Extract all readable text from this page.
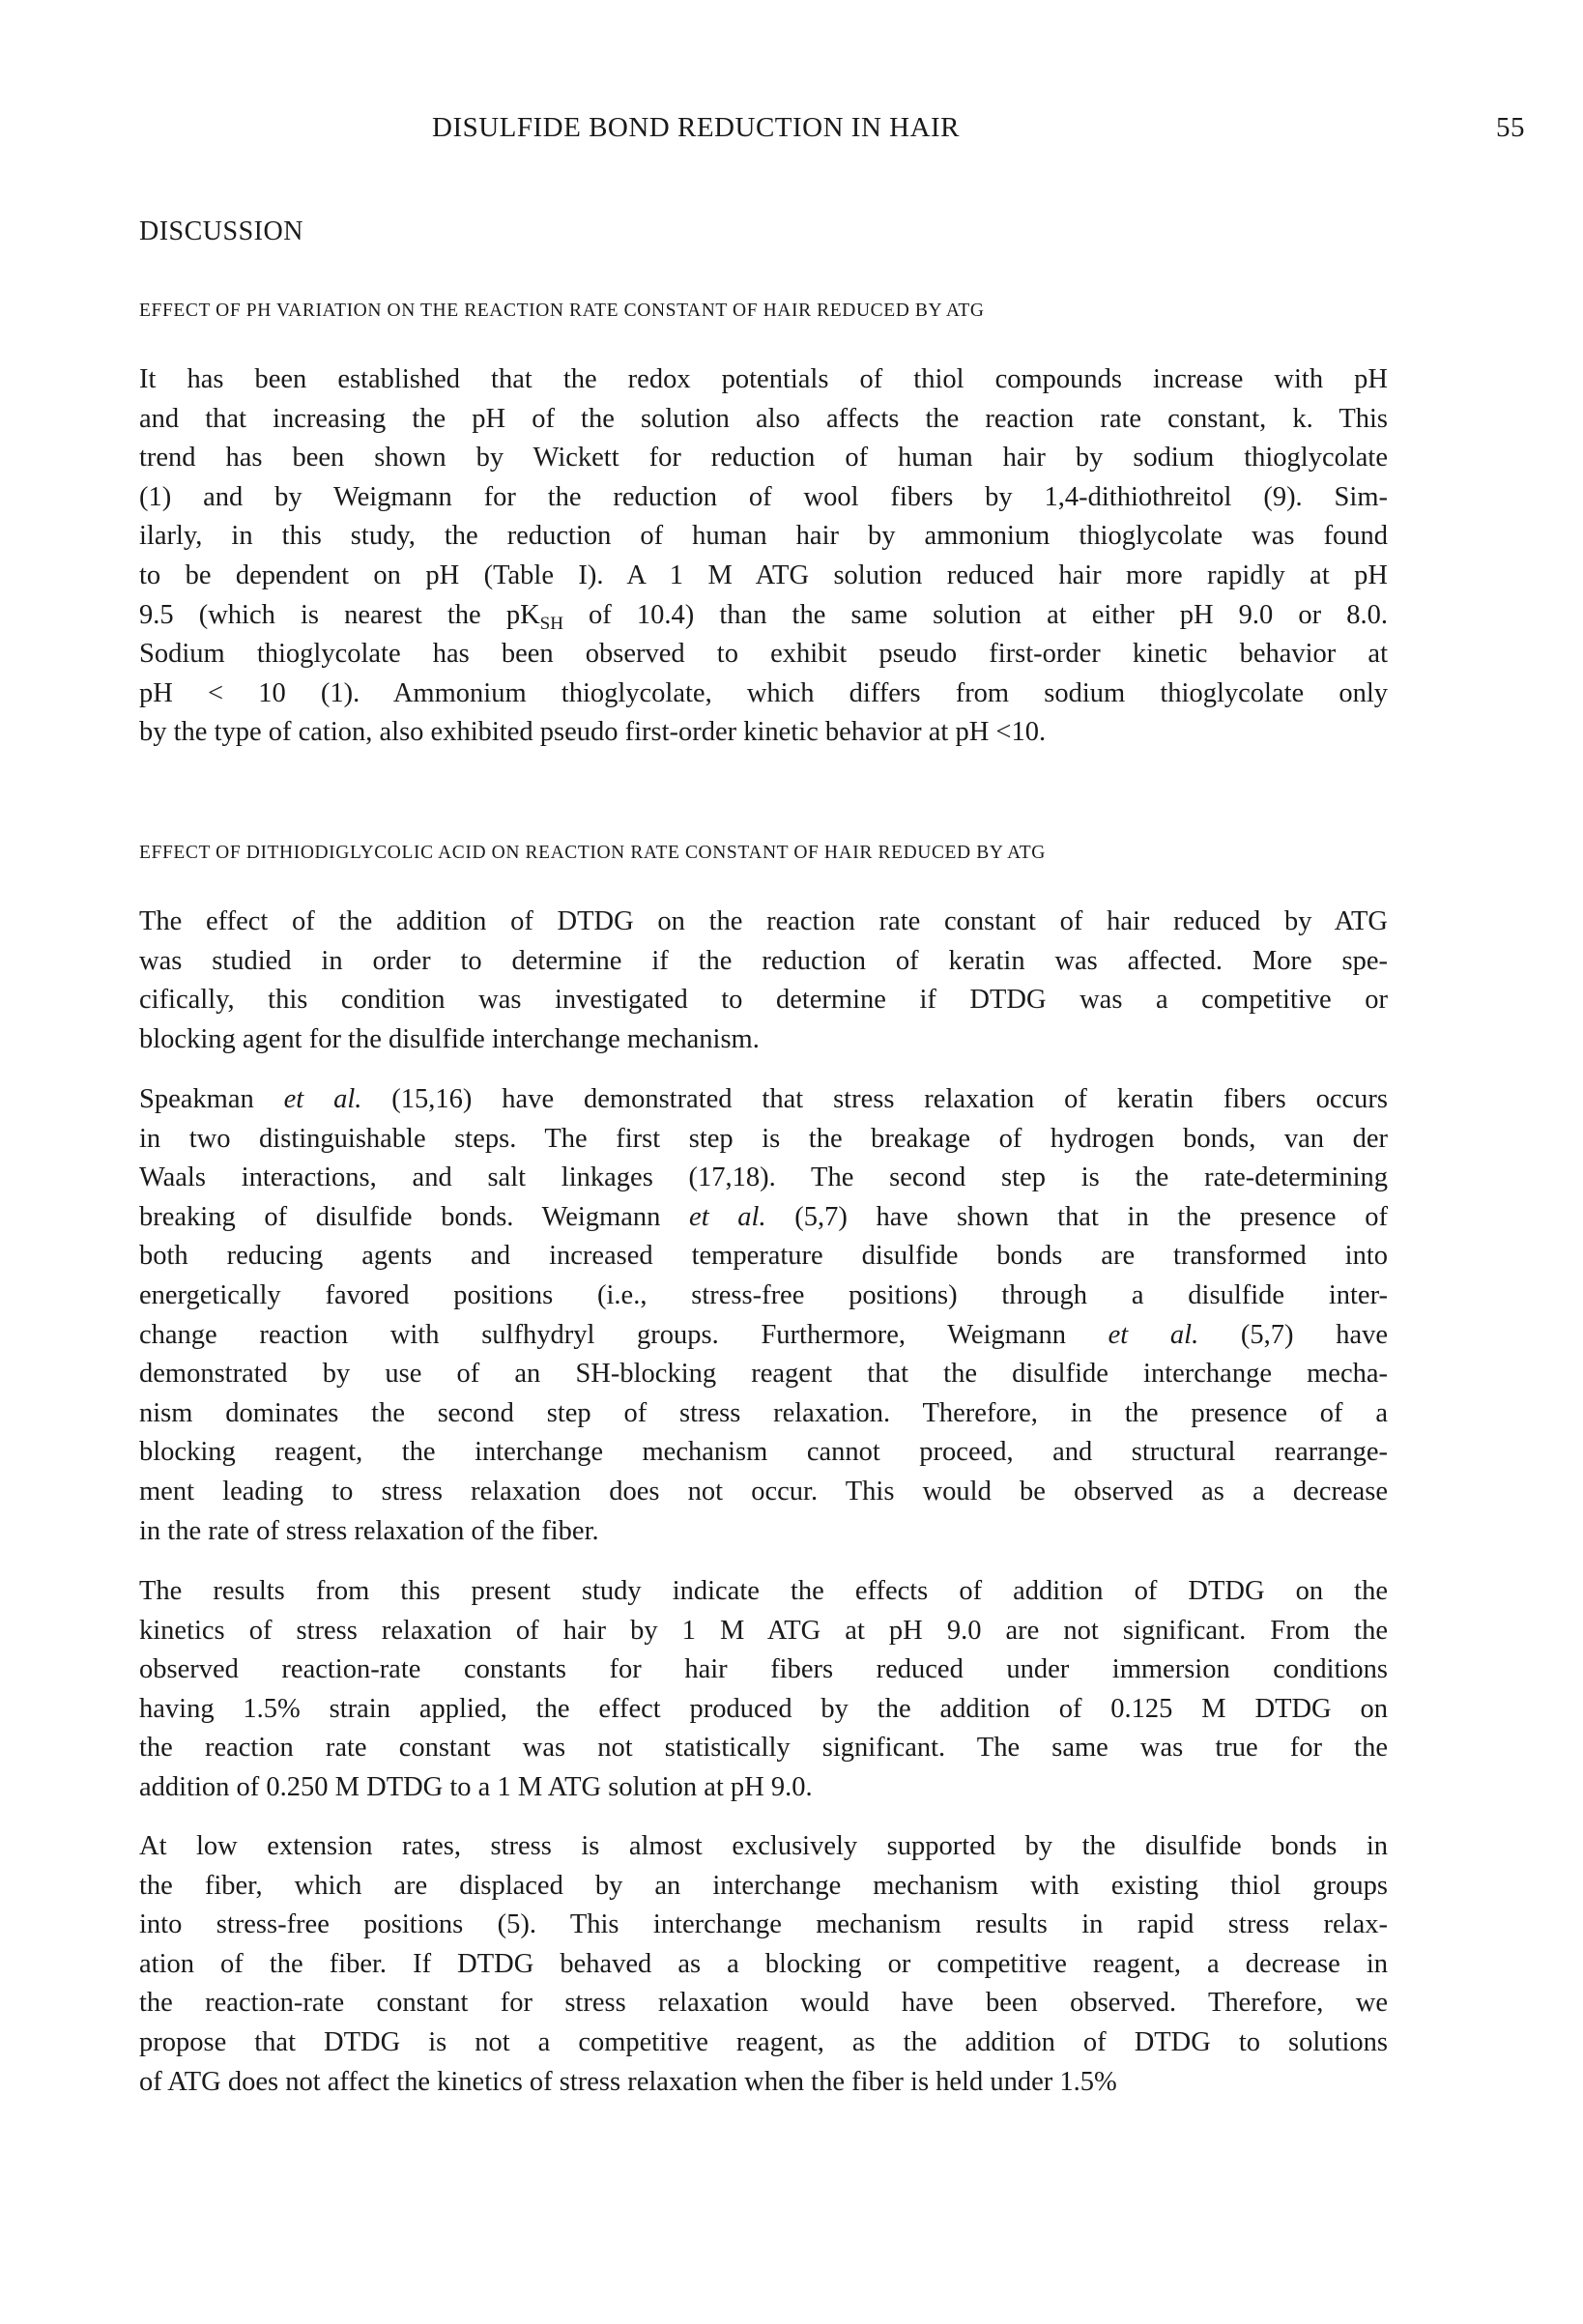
DISULFIDE BOND REDUCTION IN HAIR	55
DISCUSSION
EFFECT OF PH VARIATION ON THE REACTION RATE CONSTANT OF HAIR REDUCED BY ATG
It has been established that the redox potentials of thiol compounds increase with pH
and that increasing the pH of the solution also affects the reaction rate constant, k. This
trend has been shown by Wickett for reduction of human hair by sodium thioglycolate
(1) and by Weigmann for the reduction of wool fibers by 1,4-dithiothreitol (9). Sim-
ilarly, in this study, the reduction of human hair by ammonium thioglycolate was found
to be dependent on pH (Table I). A 1 M ATG solution reduced hair more rapidly at pH
9.5 (which is nearest the $pK_{SH}$ of 10.4) than the same solution at either pH 9.0 or 8.0.
Sodium thioglycolate has been observed to exhibit pseudo first-order kinetic behavior at
pH < 10 (1). Ammonium thioglycolate, which differs from sodium thioglycolate only
by the type of cation, also exhibited pseudo first-order kinetic behavior at pH <10.
EFFECT OF DITHIODIGLYCOLIC ACID ON REACTION RATE CONSTANT OF HAIR REDUCED BY ATG
The effect of the addition of DTDG on the reaction rate constant of hair reduced by ATG
was studied in order to determine if the reduction of keratin was affected. More spe-
cifically, this condition was investigated to determine if DTDG was a competitive or
blocking agent for the disulfide interchange mechanism.
Speakman et al. (15,16) have demonstrated that stress relaxation of keratin fibers occurs
in two distinguishable steps. The first step is the breakage of hydrogen bonds, van der
Waals interactions, and salt linkages (17,18). The second step is the rate-determining
breaking of disulfide bonds. Weigmann et al. (5,7) have shown that in the presence of
both reducing agents and increased temperature disulfide bonds are transformed into
energetically favored positions (i.e., stress-free positions) through a disulfide inter-
change reaction with sulfhydryl groups. Furthermore, Weigmann et al. (5,7) have
demonstrated by use of an SH-blocking reagent that the disulfide interchange mecha-
nism dominates the second step of stress relaxation. Therefore, in the presence of a
blocking reagent, the interchange mechanism cannot proceed, and structural rearrange-
ment leading to stress relaxation does not occur. This would be observed as a decrease
in the rate of stress relaxation of the fiber.
The results from this present study indicate the effects of addition of DTDG on the
kinetics of stress relaxation of hair by 1 M ATG at pH 9.0 are not significant. From the
observed reaction-rate constants for hair fibers reduced under immersion conditions
having 1.5% strain applied, the effect produced by the addition of 0.125 M DTDG on
the reaction rate constant was not statistically significant. The same was true for the
addition of 0.250 M DTDG to a 1 M ATG solution at pH 9.0.
At low extension rates, stress is almost exclusively supported by the disulfide bonds in
the fiber, which are displaced by an interchange mechanism with existing thiol groups
into stress-free positions (5). This interchange mechanism results in rapid stress relax-
ation of the fiber. If DTDG behaved as a blocking or competitive reagent, a decrease in
the reaction-rate constant for stress relaxation would have been observed. Therefore, we
propose that DTDG is not a competitive reagent, as the addition of DTDG to solutions
of ATG does not affect the kinetics of stress relaxation when the fiber is held under 1.5%
